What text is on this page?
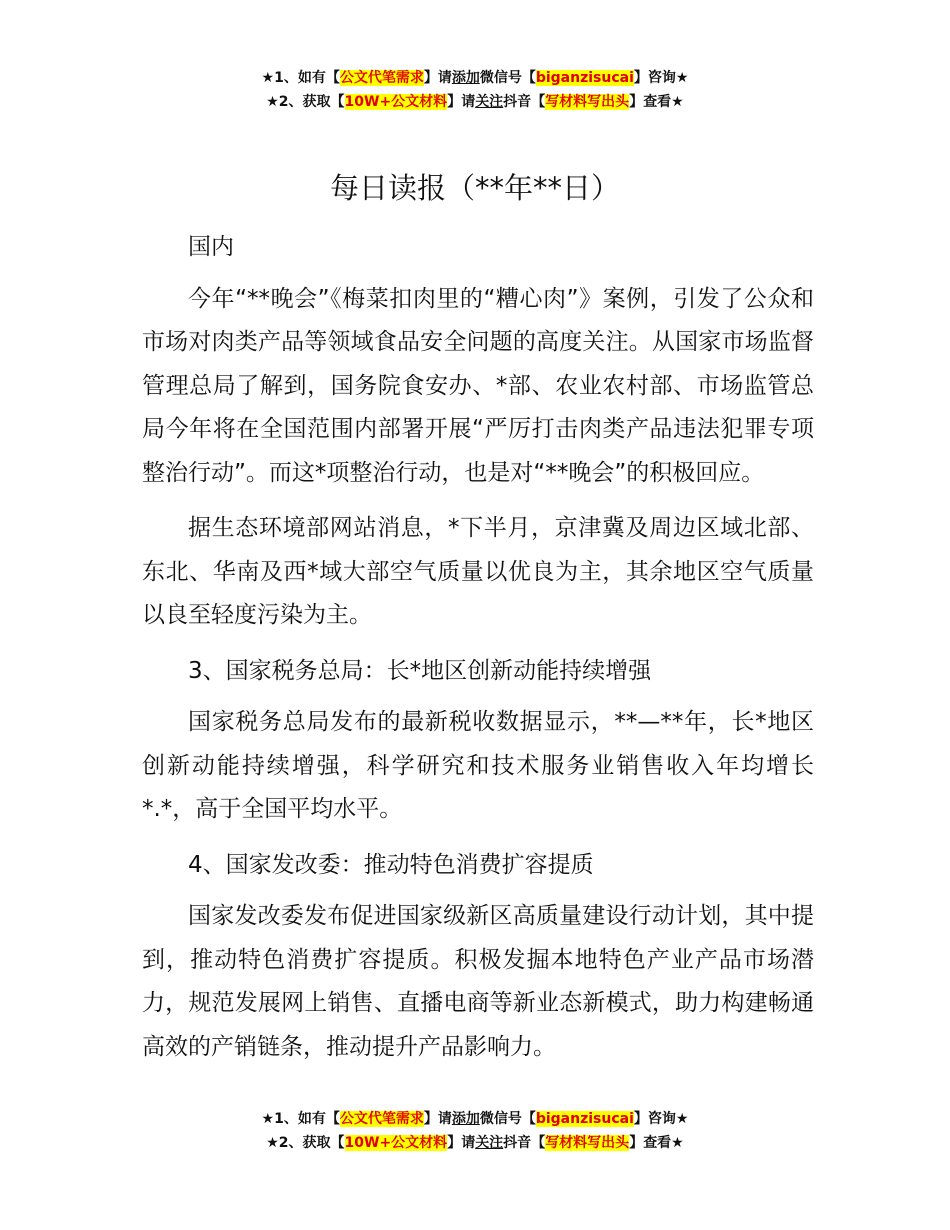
★1、如有【公文代笔需求】请添加微信号【biganzisucai】咨询★
★2、获取【10W+公文材料】请关注抖音【写材料写出头】查看★
每日读报（**年**日）

国内

今年“**晚会”《梅菜扣肉里的“糟心肉”》案例，引发了公众和市场对肉类产品等领域食品安全问题的高度关注。从国家市场监督管理总局了解到，国务院食安办、*部、农业农村部、市场监管总局今年将在全国范围内部署开展“严厉打击肉类产品违法犯罪专项整治行动”。而这*项整治行动，也是对“**晚会”的积极回应。

据生态环境部网站消息，*下半月，京津冀及周边区域北部、东北、华南及西*域大部空气质量以优良为主，其余地区空气质量以良至轻度污染为主。

3、国家税务总局：长*地区创新动能持续增强

国家税务总局发布的最新税收数据显示，**—**年，长*地区创新动能持续增强，科学研究和技术服务业销售收入年均增长*.*，高于全国平均水平。

4、国家发改委：推动特色消费扩容提质

国家发改委发布促进国家级新区高质量建设行动计划，其中提到，推动特色消费扩容提质。积极发掘本地特色产业产品市场潜力，规范发展网上销售、直播电商等新业态新模式，助力构建畅通高效的产销链条，推动提升产品影响力。

★1、如有【公文代笔需求】请添加微信号【biganzisucai】咨询★
★2、获取【10W+公文材料】请关注抖音【写材料写出头】查看★
